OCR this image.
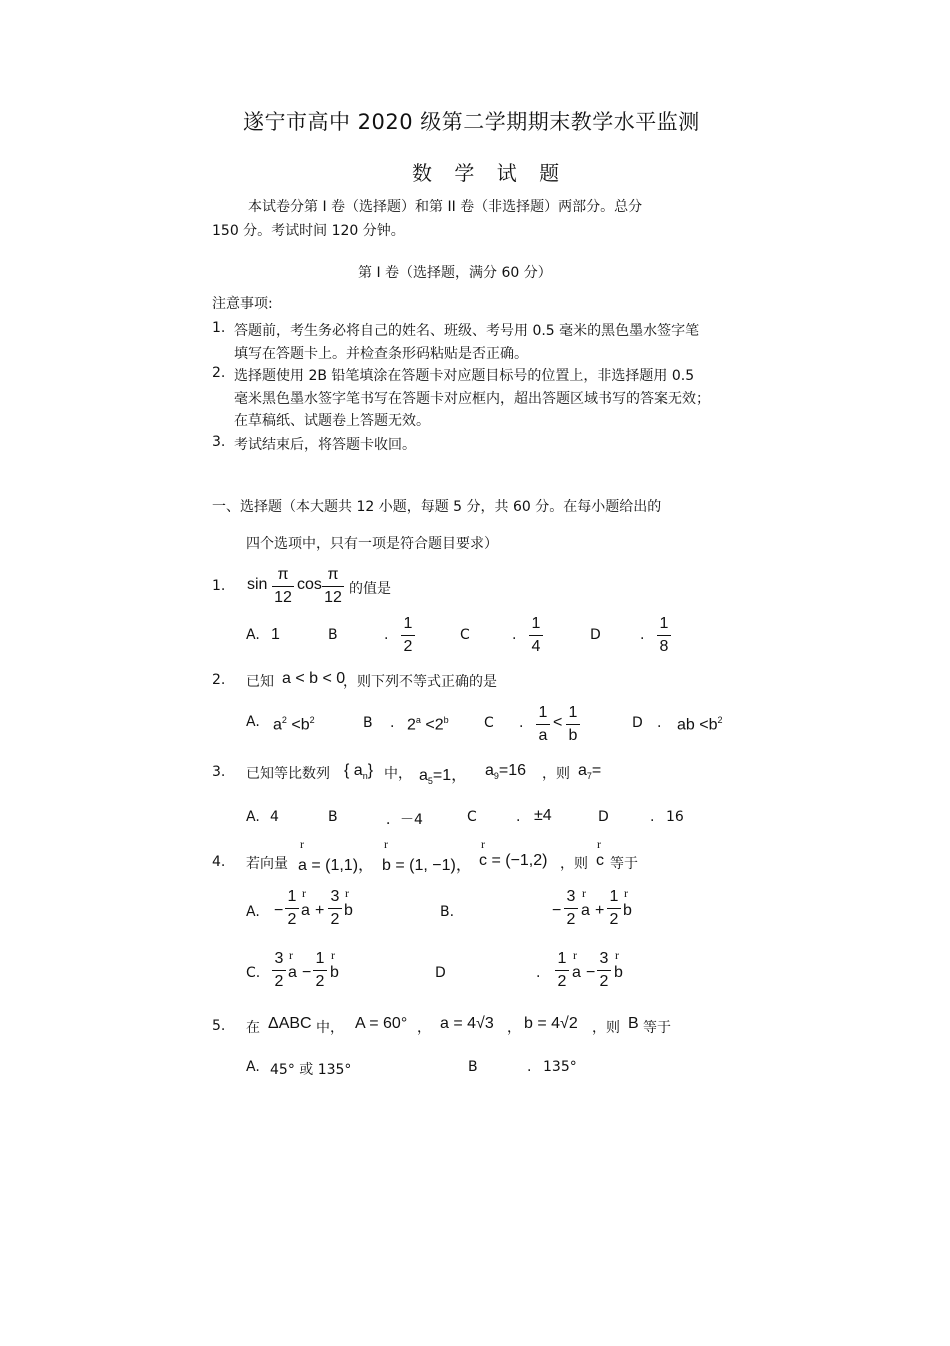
遂宁市高中 2020 级第二学期期末教学水平监测
数 学 试 题
本试卷分第 I 卷（选择题）和第 II 卷（非选择题）两部分。总分
150 分。考试时间 120 分钟。
第 I 卷（选择题，满分 60 分）
注意事项:
1. 答题前，考生务必将自己的姓名、班级、考号用 0.5 毫米的黑色墨水签字笔
填写在答题卡上。并检查条形码粘贴是否正确。
2. 选择题使用 2B 铅笔填涂在答题卡对应题目标号的位置上，非选择题用 0.5
毫米黑色墨水签字笔书写在答题卡对应框内，超出答题区域书写的答案无效；
在草稿纸、试题卷上答题无效。
3. 考试结束后，将答题卡收回。
一、选择题（本大题共 12 小题，每题 5 分，共 60 分。在每小题给出的
四个选项中，只有一项是符合题目要求）
1. sin
π
12
cos
π
12 的值是
A. 1	B	.
1
2
C	.
1
4
D	.
1
8
2. 已知 a < b < 0
，则下列不等式正确的是
A. $a^2 <b^2$	B . $2^a <2^b$	C .
1
a
<
1
b
D . ab $<b^2$
3. 已知等比数列 { $a_n$} 中， $a_5=1$， $a_9=16$ ，则 $a_7=$
A. 4	B	．－4	C	. ±4	D	. 16
4. 若向量
r
a = (1,1)，
r
b = (1, −1)，
r
c = (−1,2) ，则
r
c 等于
A. −
1
2
r
a +
3
2
r
b	B.	−
3
2
r
a +
1
2
r
b
C.
3
2
r
a −
1
2
r
b	D	.
1
2
r
a −
3
2
r
b
5. 在 ΔABC 中， A = 60° ， a = 4√3 ， b = 4√2 ，则 B 等于
A. 45° 或 135°	B	. 135°
